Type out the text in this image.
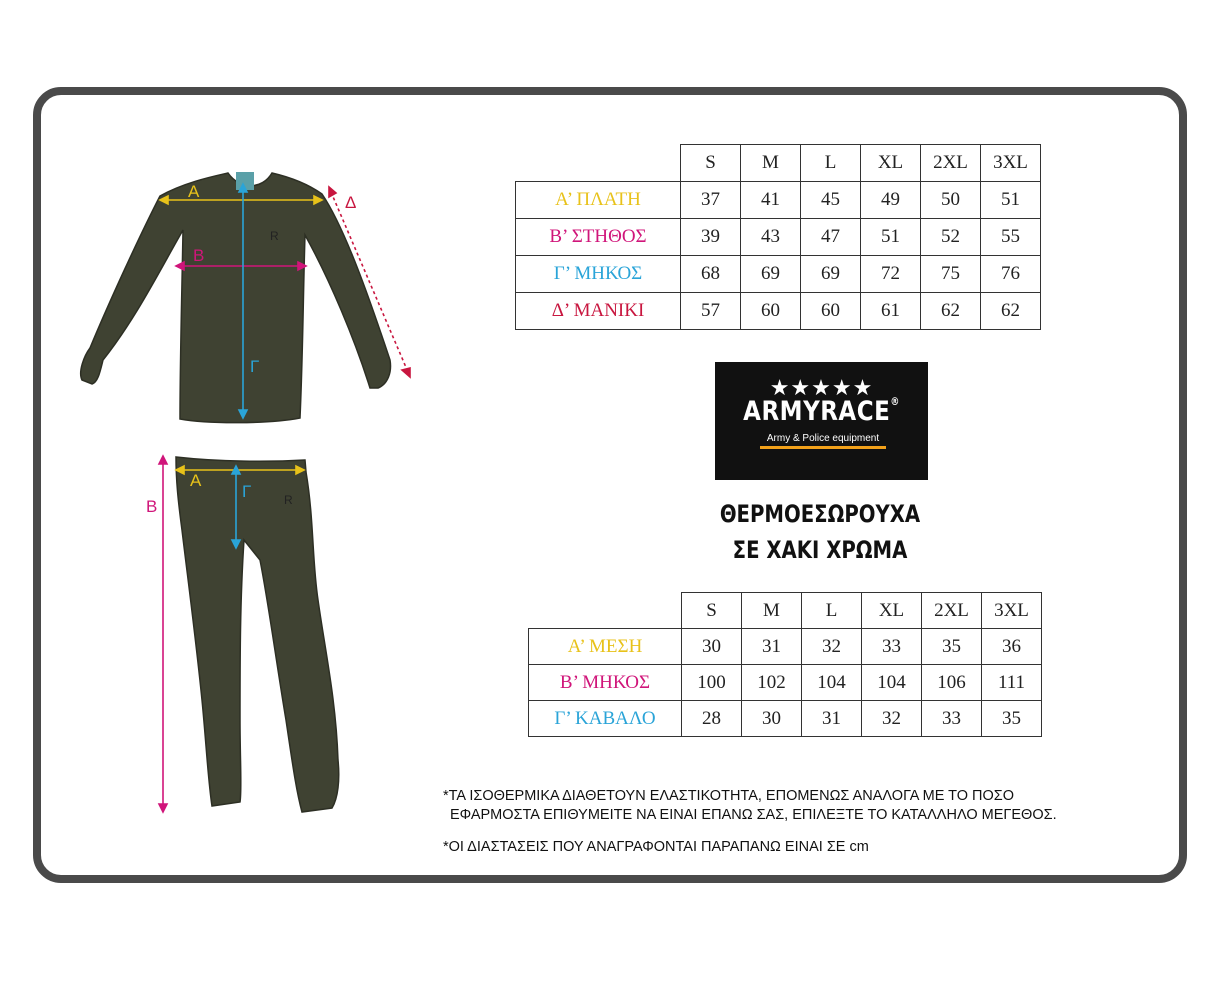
R
R
Α
Β
Γ
Δ
Α
Β
Γ
	S	M	L	XL	2XL	3XL
Α’ ΠΛΑΤΗ	37	41	45	49	50	51
Β’ ΣΤΗΘΟΣ	39	43	47	51	52	55
Γ’ ΜΗΚΟΣ	68	69	69	72	75	76
Δ’ ΜΑΝΙΚΙ	57	60	60	61	62	62
★★★★★
ARMYRACE®
Army & Police equipment
ΘΕΡΜΟΕΣΩΡΟΥΧΑ
ΣΕ ΧΑΚΙ ΧΡΩΜΑ
	S	M	L	XL	2XL	3XL
Α’ ΜΕΣΗ	30	31	32	33	35	36
Β’ ΜΗΚΟΣ	100	102	104	104	106	111
Γ’ ΚΑΒΑΛΟ	28	30	31	32	33	35
*ΤΑ ΙΣΟΘΕΡΜΙΚΑ ΔΙΑΘΕΤΟΥΝ ΕΛΑΣΤΙΚΟΤΗΤΑ, ΕΠΟΜΕΝΩΣ ΑΝΑΛΟΓΑ ΜΕ ΤΟ ΠΟΣΟ
ΕΦΑΡΜΟΣΤΑ ΕΠΙΘΥΜΕΙΤΕ ΝΑ ΕΙΝΑΙ ΕΠΑΝΩ ΣΑΣ, ΕΠΙΛΕΞΤΕ ΤΟ ΚΑΤΑΛΛΗΛΟ ΜΕΓΕΘΟΣ.
*ΟΙ ΔΙΑΣΤΑΣΕΙΣ ΠΟΥ ΑΝΑΓΡΑΦΟΝΤΑΙ ΠΑΡΑΠΑΝΩ ΕΙΝΑΙ ΣΕ cm
